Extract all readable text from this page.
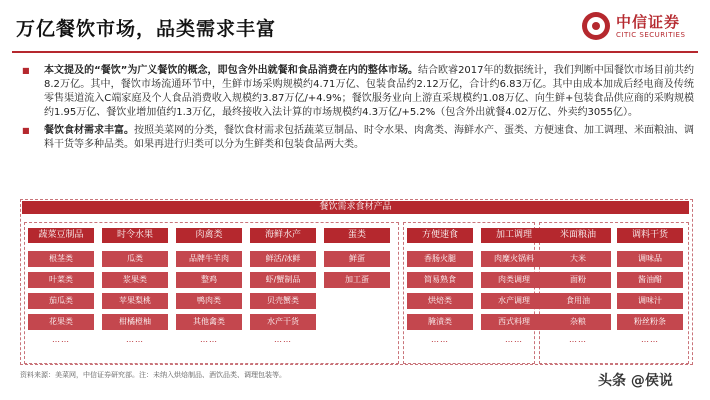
万亿餐饮市场，品类需求丰富	中信证券
CITIC SECURITIES
■ 本文提及的“餐饮”为广义餐饮的概念，即包含外出就餐和食品消费在内的整体市场。结合欧睿2017年的数据统计，我们判断中国餐饮市场目前共约8.2万亿。其中，餐饮市场流通环节中，生鲜市场采购规模约4.71万亿、包装食品约2.12万亿，合计约6.83万亿。其中由成本加成后经电商及传统零售渠道流入C端家庭及个人食品消费收入规模约3.87万亿/+4.9%；餐饮服务业向上游直采规模约1.08万亿、向生鲜+包装食品供应商的采购规模约1.95万亿、餐饮业增加值约1.3万亿，最终接收入法计算的市场规模约4.3万亿/+5.2%（包含外出就餐4.02万亿、外卖约3055亿）。
■ 餐饮食材需求丰富。按照美菜网的分类，餐饮食材需求包括蔬菜豆制品、时令水果、肉禽类、海鲜水产、蛋类、方便速食、加工调理、米面粮油、调料干货等多种品类。如果再进行归类可以分为生鲜类和包装食品两大类。
餐饮需求食材产品
蔬菜豆制品
根茎类
叶菜类
茄瓜类
花果类
……
时令水果
瓜类
浆果类
苹果梨桃
柑橘橙柚
……
肉禽类
品牌牛羊肉
整鸡
鸭肉类
其他禽类
……
海鲜水产
鲜活/冰鲜
虾/蟹制品
贝壳蟹类
水产干货
……
蛋类
鲜蛋
加工蛋
方便速食
香肠火腿
简易熟食
烘焙类
腌渍类
……
加工调理
肉糜火锅料
肉类调理
水产调理
西式料理
……
米面粮油
大米
面粉
食用油
杂粮
……
调料干货
调味品
酱油醋
调味汁
粉丝粉条
……
资料来源：美菜网，中信证券研究部。注：未纳入烘焙制品、酒饮品类、调理包装等。	头条 @侯说
